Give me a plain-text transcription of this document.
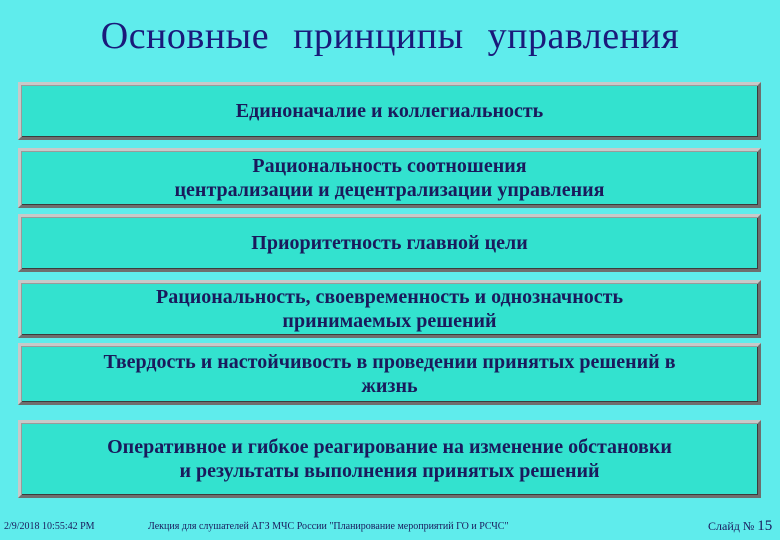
Основные принципы управления
Единоначалие и коллегиальность
Рациональность соотношения
централизации и децентрализации управления
Приоритетность главной цели
Рациональность, своевременность и однозначность
принимаемых решений
Твердость и настойчивость в проведении принятых решений в
жизнь
Оперативное и гибкое реагирование на изменение обстановки
и результаты выполнения принятых решений
2/9/2018 10:55:42 PM	Лекция для слушателей АГЗ МЧС России "Планирование мероприятий ГО и РСЧС"	Слайд № 15
